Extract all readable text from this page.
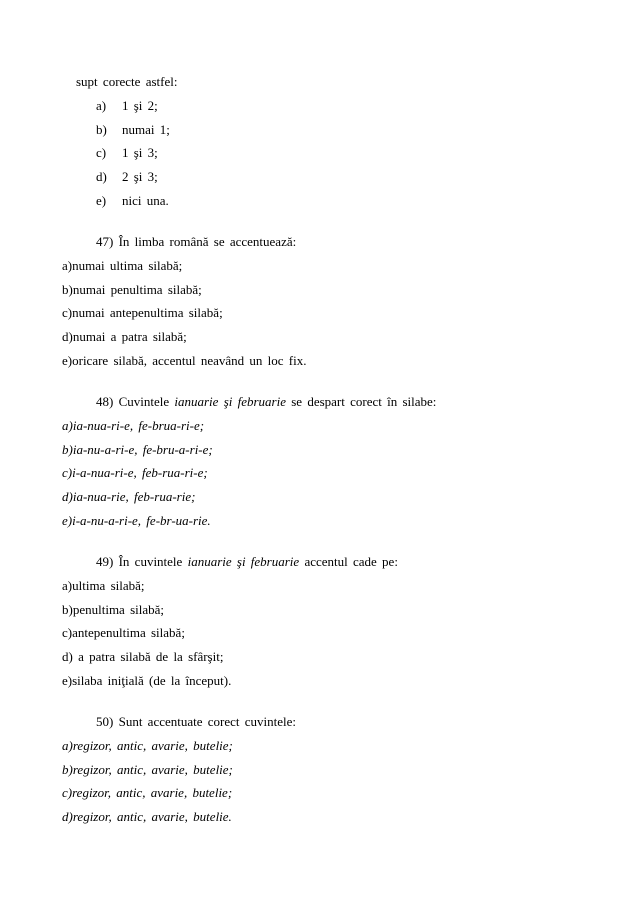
supt corecte astfel:
a) 1 şi 2;
b) numai 1;
c) 1 şi 3;
d) 2 şi 3;
e) nici una.
47) În limba română se accentuează:
a)numai ultima silabă;
b)numai penultima silabă;
c)numai antepenultima silabă;
d)numai a patra silabă;
e)oricare silabă, accentul neavând un loc fix.
48) Cuvintele ianuarie şi februarie se despart corect în silabe:
a)ia-nua-ri-e, fe-brua-ri-e;
b)ia-nu-a-ri-e, fe-bru-a-ri-e;
c)i-a-nua-ri-e, feb-rua-ri-e;
d)ia-nua-rie, feb-rua-rie;
e)i-a-nu-a-ri-e, fe-br-ua-rie.
49) În cuvintele ianuarie şi februarie accentul cade pe:
a)ultima silabă;
b)penultima silabă;
c)antepenultima silabă;
d) a patra silabă de la sfârşit;
e)silaba iniţială (de la început).
50) Sunt accentuate corect cuvintele:
a)regizor, antic, avarie, butelie;
b)regizor, antic, avarie, butelie;
c)regizor, antic, avarie, butelie;
d)regizor, antic, avarie, butelie.
